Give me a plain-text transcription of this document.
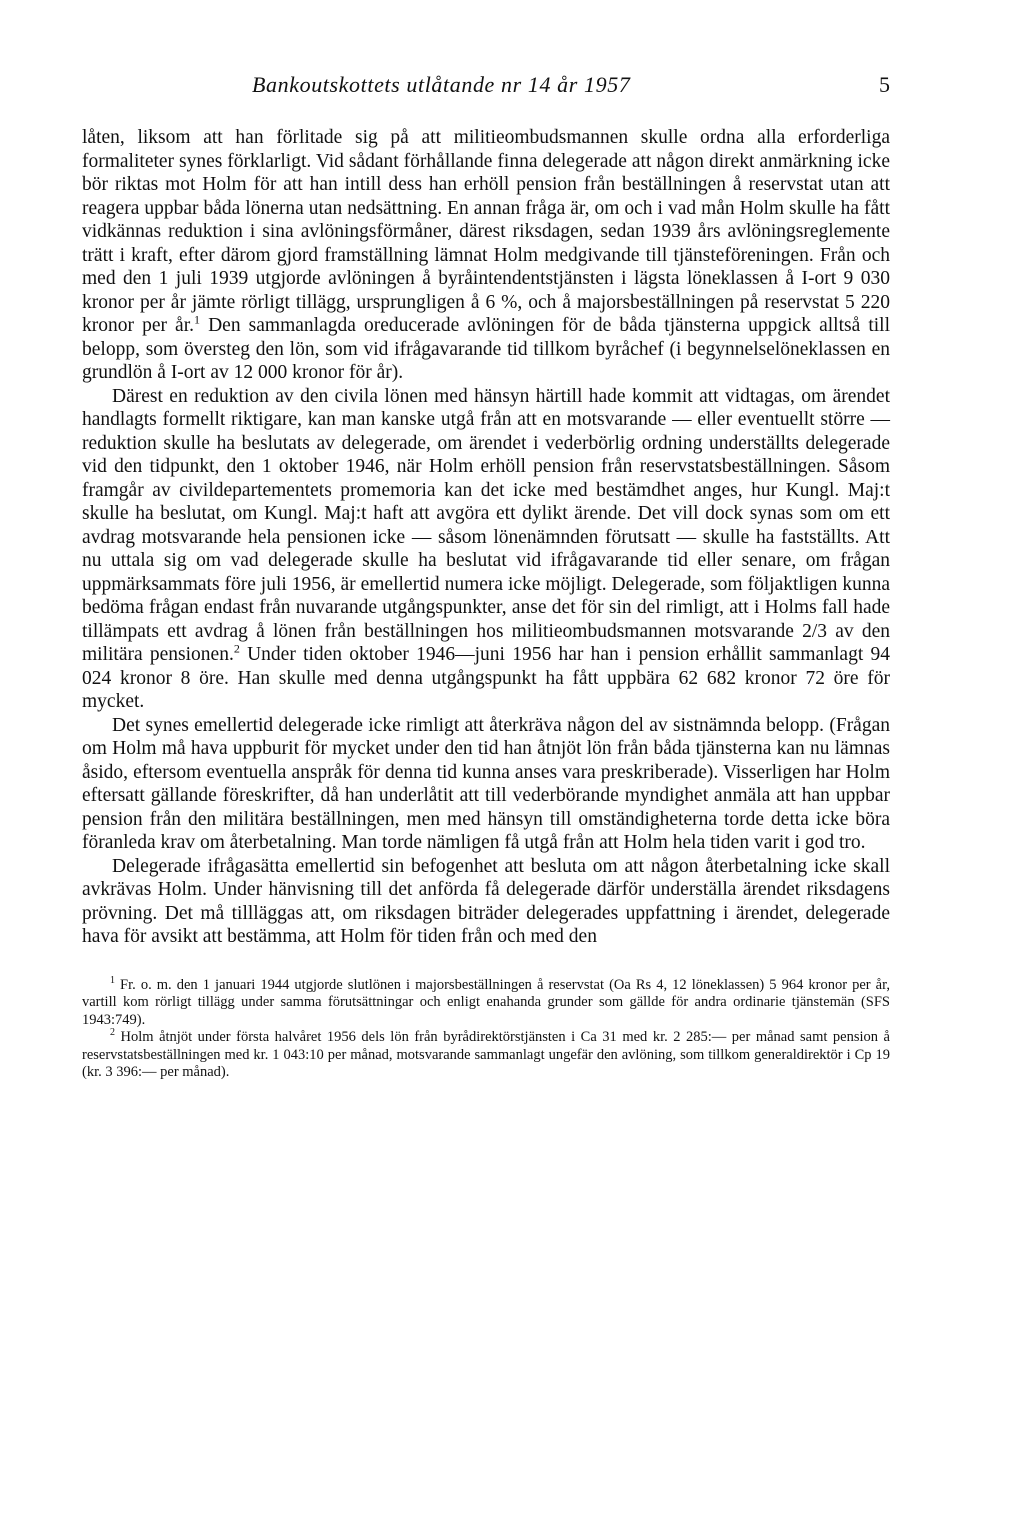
Bankoutskottets utlåtande nr 14 år 1957	5

låten, liksom att han förlitade sig på att militieombudsmannen skulle ordna alla erforderliga formaliteter synes förklarligt. Vid sådant förhållande finna delegerade att någon direkt anmärkning icke bör riktas mot Holm för att han intill dess han erhöll pension från beställningen å reservstat utan att reagera uppbar båda lönerna utan nedsättning. En annan fråga är, om och i vad mån Holm skulle ha fått vidkännas reduktion i sina avlöningsförmåner, därest riksdagen, sedan 1939 års avlöningsreglemente trätt i kraft, efter därom gjord framställning lämnat Holm medgivande till tjänsteföreningen. Från och med den 1 juli 1939 utgjorde avlöningen å byråintendentstjänsten i lägsta löneklassen å I-ort 9 030 kronor per år jämte rörligt tillägg, ursprungligen å 6 %, och å majorsbeställningen på reservstat 5 220 kronor per år.$^1$ Den sammanlagda oreducerade avlöningen för de båda tjänsterna uppgick alltså till belopp, som översteg den lön, som vid ifrågavarande tid tillkom byråchef (i begynnelselöneklassen en grundlön å I-ort av 12 000 kronor för år).

Därest en reduktion av den civila lönen med hänsyn härtill hade kommit att vidtagas, om ärendet handlagts formellt riktigare, kan man kanske utgå från att en motsvarande — eller eventuellt större — reduktion skulle ha beslutats av delegerade, om ärendet i vederbörlig ordning underställts delegerade vid den tidpunkt, den 1 oktober 1946, när Holm erhöll pension från reservstatsbeställningen. Såsom framgår av civildepartementets promemoria kan det icke med bestämdhet anges, hur Kungl. Maj:t skulle ha beslutat, om Kungl. Maj:t haft att avgöra ett dylikt ärende. Det vill dock synas som om ett avdrag motsvarande hela pensionen icke — såsom lönenämnden förutsatt — skulle ha fastställts. Att nu uttala sig om vad delegerade skulle ha beslutat vid ifrågavarande tid eller senare, om frågan uppmärksammats före juli 1956, är emellertid numera icke möjligt. Delegerade, som följaktligen kunna bedöma frågan endast från nuvarande utgångspunkter, anse det för sin del rimligt, att i Holms fall hade tillämpats ett avdrag å lönen från beställningen hos militieombudsmannen motsvarande 2/3 av den militära pensionen.$^2$ Under tiden oktober 1946—juni 1956 har han i pension erhållit sammanlagt 94 024 kronor 8 öre. Han skulle med denna utgångspunkt ha fått uppbära 62 682 kronor 72 öre för mycket.

Det synes emellertid delegerade icke rimligt att återkräva någon del av sistnämnda belopp. (Frågan om Holm må hava uppburit för mycket under den tid han åtnjöt lön från båda tjänsterna kan nu lämnas åsido, eftersom eventuella anspråk för denna tid kunna anses vara preskriberade). Visserligen har Holm eftersatt gällande föreskrifter, då han underlåtit att till vederbörande myndighet anmäla att han uppbar pension från den militära beställningen, men med hänsyn till omständigheterna torde detta icke böra föranleda krav om återbetalning. Man torde nämligen få utgå från att Holm hela tiden varit i god tro.

Delegerade ifrågasätta emellertid sin befogenhet att besluta om att någon återbetalning icke skall avkrävas Holm. Under hänvisning till det anförda få delegerade därför underställa ärendet riksdagens prövning. Det må tillläggas att, om riksdagen biträder delegerades uppfattning i ärendet, delegerade hava för avsikt att bestämma, att Holm för tiden från och med den

$^1$ Fr. o. m. den 1 januari 1944 utgjorde slutlönen i majorsbeställningen å reservstat (Oa Rs 4, 12 löneklassen) 5 964 kronor per år, vartill kom rörligt tillägg under samma förutsättningar och enligt enahanda grunder som gällde för andra ordinarie tjänstemän (SFS 1943:749).

$^2$ Holm åtnjöt under första halvåret 1956 dels lön från byrådirektörstjänsten i Ca 31 med kr. 2 285:— per månad samt pension å reservstatsbeställningen med kr. 1 043:10 per månad, motsvarande sammanlagt ungefär den avlöning, som tillkom generaldirektör i Cp 19 (kr. 3 396:— per månad).
